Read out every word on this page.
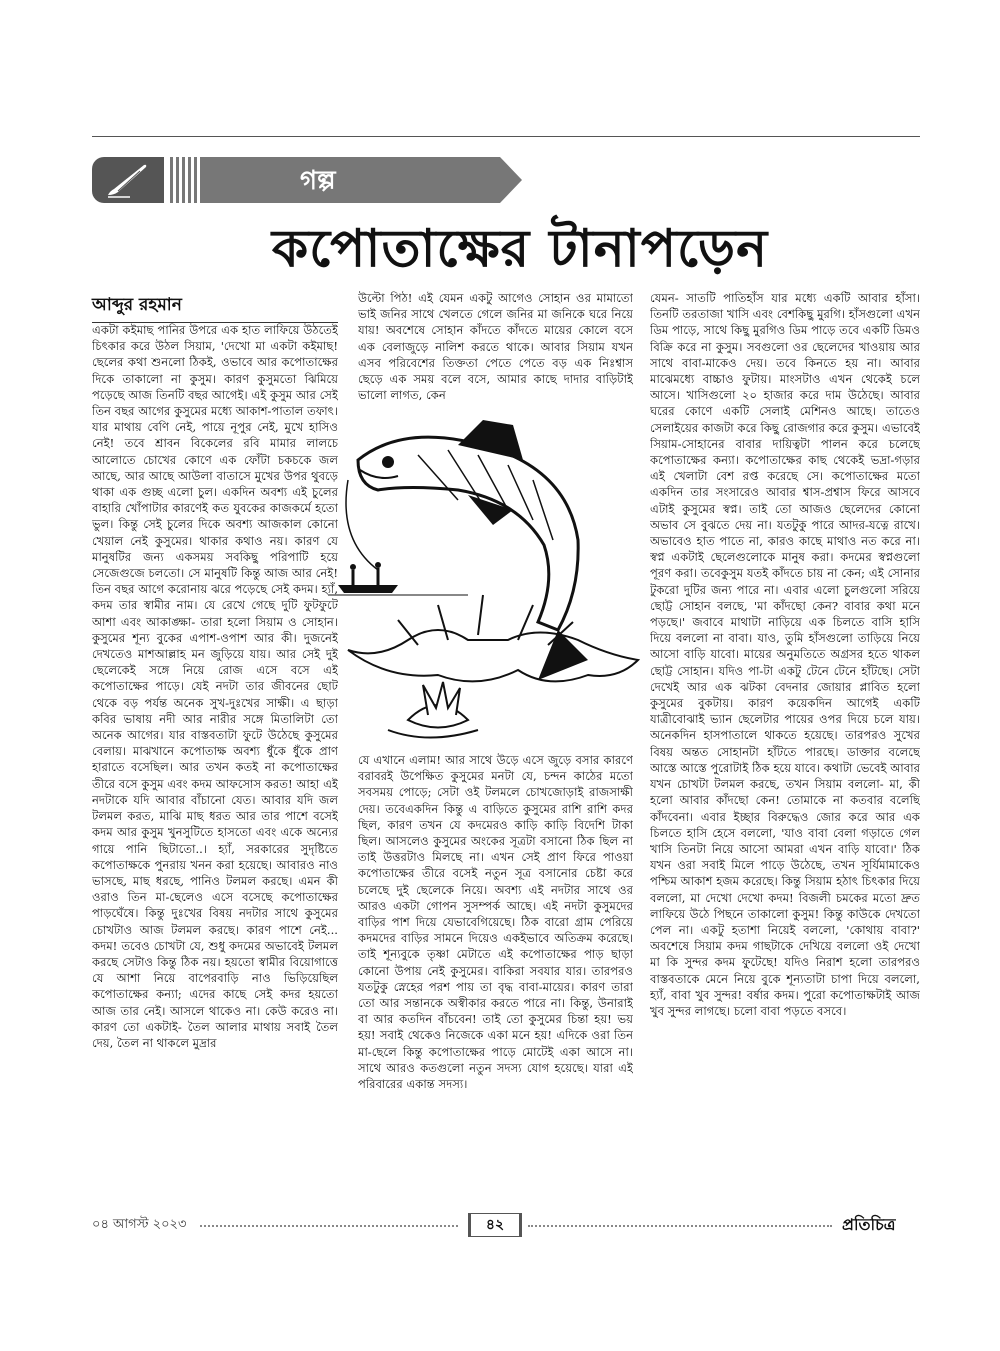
গল্প
কপোতাক্ষের টানাপড়েন
আব্দুর রহমান

একটা কইমাছ পানির উপরে এক হাত লাফিয়ে উঠতেই চিৎকার করে উঠল সিয়াম, 'দেখো মা একটা কইমাছ! ছেলের কথা শুনলো ঠিকই, ওভাবে আর কপোতাক্ষের দিকে তাকালো না কুসুম। কারণ কুসুমতো ঝিমিয়ে পড়েছে আজ তিনটি বছর আগেই। এই কুসুম আর সেই তিন বছর আগের কুসুমের মধ্যে আকাশ-পাতাল তফাৎ। যার মাথায় বেণি নেই, পায়ে নূপুর নেই, মুখে হাসিও নেই! তবে শ্রাবন বিকেলের রবি মামার লালচে আলোতে চোখের কোণে এক ফোঁটা চকচকে জল আছে, আর আছে আউলা বাতাসে মুখের উপর থুবড়ে থাকা এক গুচ্ছ এলো চুল। একদিন অবশ্য এই চুলের বাহারি খোঁপাটার কারণেই কত যুবকের কাজকর্মে হতো ভুল। কিন্তু সেই চুলের দিকে অবশ্য আজকাল কোনো খেয়াল নেই কুসুমের। থাকার কথাও নয়। কারণ যে মানুষটির জন্য একসময় সবকিছু পরিপাটি হয়ে সেজেগুজে চলতো। সে মানুষটি কিন্তু আজ আর নেই! তিন বছর আগে করোনায় ঝরে পড়েছে সেই কদম। হ্যাঁ, কদম তার স্বামীর নাম। যে রেখে গেছে দুটি ফুটফুটে আশা এবং আকাঙ্ক্ষা- তারা হলো সিয়াম ও সোহান। কুসুমের শূন্য বুকের এপাশ-ওপাশ আর কী। দুজনেই দেখতেও মাশআল্লাহ মন জুড়িয়ে যায়। আর সেই দুই ছেলেকেই সঙ্গে নিয়ে রোজ এসে বসে এই কপোতাক্ষের পাড়ে। যেই নদটা তার জীবনের ছোট থেকে বড় পর্যন্ত অনেক সুখ-দুঃখের সাক্ষী। এ ছাড়া কবির ভাষায় নদী আর নারীর সঙ্গে মিতালিটা তো অনেক আগের। যার বাস্তবতাটা ফুটে উঠেছে কুসুমের বেলায়। মাঝখানে কপোতাক্ষ অবশ্য ধুঁকে ধুঁকে প্রাণ হারাতে বসেছিল। আর তখন কতই না কপোতাক্ষের তীরে বসে কুসুম এবং কদম আফসোস করত! আহা এই নদটাকে যদি আবার বাঁচানো যেত। আবার যদি জল টলমল করত, মাঝি মাছ ধরত আর তার পাশে বসেই কদম আর কুসুম খুনসুটিতে হাসতো এবং একে অন্যের গায়ে পানি ছিটাতো..। হ্যাঁ, সরকারের সুদৃষ্টিতে কপোতাক্ষকে পুনরায় খনন করা হয়েছে। আবারও নাও ভাসছে, মাছ ধরছে, পানিও টলমল করছে। এমন কী ওরাও তিন মা-ছেলেও এসে বসেছে কপোতাক্ষের পাড়ঘেঁষে। কিন্তু দুঃখের বিষয় নদটার সাথে কুসুমের চোখটাও আজ টলমল করছে। কারণ পাশে নেই... কদম! তবেও চোখটা যে, শুধু কদমের অভাবেই টলমল করছে সেটাও কিন্তু ঠিক নয়। হয়তো স্বামীর বিয়োগাত্তে যে আশা নিয়ে বাপেরবাড়ি নাও ভিড়িয়েছিল কপোতাক্ষের কন্যা; এদের কাছে সেই কদর হয়তো আজ তার নেই। আসলে থাকেও না। কেউ করেও না। কারণ তো একটাই- তৈল আলার মাথায় সবাই তৈল দেয়, তৈল না থাকলে মুদ্রার

উল্টো পিঠ! এই যেমন একটু আগেও সোহান ওর মামাতো ভাই জনির সাথে খেলতে গেলে জনির মা জনিকে ঘরে নিয়ে যায়! অবশেষে সোহান কাঁদতে কাঁদতে মায়ের কোলে বসে এক বেলাজুড়ে নালিশ করতে থাকে। আবার সিয়াম যখন এসব পরিবেশের তিক্ততা পেতে পেতে বড় এক নিঃশ্বাস ছেড়ে এক সময় বলে বসে, আমার কাছে দাদার বাড়িটাই ভালো লাগত, কেন

যে এখানে এলাম! আর সাথে উড়ে এসে জুড়ে বসার কারণে বরাবরই উপেক্ষিত কুসুমের মনটা যে, চন্দন কাঠের মতো সবসময় পোড়ে; সেটা ওই টলমলে চোখজোড়াই রাজসাক্ষী দেয়। তবেএকদিন কিন্তু এ বাড়িতে কুসুমের রাশি রাশি কদর ছিল, কারণ তখন যে কদমেরও কাড়ি কাড়ি বিদেশি টাকা ছিল। আসলেও কুসুমের অংকের সূত্রটা বসানো ঠিক ছিল না তাই উত্তরটাও মিলছে না। এখন সেই প্রাণ ফিরে পাওয়া কপোতাক্ষের তীরে বসেই নতুন সূত্র বসানোর চেষ্টা করে চলেছে দুই ছেলেকে নিয়ে। অবশ্য এই নদটার সাথে ওর আরও একটা গোপন সুসম্পর্ক আছে। এই নদটা কুসুমদের বাড়ির পাশ দিয়ে যেভাবেগিয়েছে। ঠিক বারো গ্রাম পেরিয়ে কদমদের বাড়ির সামনে দিয়েও একইভাবে অতিক্রম করেছে। তাই শূন্যবুকে তৃষ্ণা মেটাতে এই কপোতাক্ষের পাড় ছাড়া কোনো উপায় নেই কুসুমের। বাকিরা সবযার যার। তারপরও যতটুকু স্নেহের পরশ পায় তা বৃদ্ধ বাবা-মায়ের। কারণ তারা তো আর সন্তানকে অস্বীকার করতে পারে না। কিন্তু, উনারাই বা আর কতদিন বাঁচবেন! তাই তো কুসুমের চিন্তা হয়! ভয় হয়! সবাই থেকেও নিজেকে একা মনে হয়! এদিকে ওরা তিন মা-ছেলে কিন্তু কপোতাক্ষের পাড়ে মোটেই একা আসে না। সাথে আরও কতগুলো নতুন সদস্য যোগ হয়েছে। যারা এই পরিবারের একান্ত সদস্য।

যেমন- সাতটি পাতিহাঁস যার মধ্যে একটি আবার হাঁসা। তিনটি তরতাজা খাসি এবং বেশকিছু মুরগি। হাঁসগুলো এখন ডিম পাড়ে, সাথে কিছু মুরগিও ডিম পাড়ে তবে একটি ডিমও বিক্রি করে না কুসুম। সবগুলো ওর ছেলেদের খাওয়ায় আর সাথে বাবা-মাকেও দেয়। তবে কিনতে হয় না। আবার মাঝেমধ্যে বাচ্চাও ফুটায়। মাংসটাও এখন থেকেই চলে আসে। খাসিগুলো ২০ হাজার করে দাম উঠেছে। আবার ঘরের কোণে একটি সেলাই মেশিনও আছে। তাতেও সেলাইয়ের কাজটা করে কিছু রোজগার করে কুসুম। এভাবেই সিয়াম-সোহানের বাবার দায়িত্বটা পালন করে চলেছে কপোতাক্ষের কন্যা। কপোতাক্ষের কাছ থেকেই ভদ্রা-গড়ার এই খেলাটা বেশ রপ্ত করেছে সে। কপোতাক্ষের মতো একদিন তার সংসারেও আবার শ্বাস-প্রশ্বাস ফিরে আসবে এটাই কুসুমের স্বপ্ন। তাই তো আজও ছেলেদের কোনো অভাব সে বুঝতে দেয় না। যতটুকু পারে আদর-যত্নে রাখে। অভাবেও হাত পাতে না, কারও কাছে মাথাও নত করে না। স্বপ্ন একটাই ছেলেগুলোকে মানুষ করা। কদমের স্বপ্নগুলো পূরণ করা। তবেকুসুম যতই কাঁদতে চায় না কেন; এই সোনার টুকরো দুটির জন্য পারে না। এবার এলো চুলগুলো সরিয়ে ছোট্ট সোহান বলছে, 'মা কাঁদছো কেন? বাবার কথা মনে পড়ছে।' জবাবে মাথাটা নাড়িয়ে এক চিলতে বাসি হাসি দিয়ে বললো না বাবা। যাও, তুমি হাঁসগুলো তাড়িয়ে নিয়ে আসো বাড়ি যাবো। মায়ের অনুমতিতে অগ্রসর হতে থাকল ছোট্ট সোহান। যদিও পা-টা একটু টেনে টেনে হাঁটছে। সেটা দেখেই আর এক ঝটকা বেদনার জোয়ার প্লাবিত হলো কুসুমের বুকটায়। কারণ কয়েকদিন আগেই একটি যাত্রীবোঝাই ভ্যান ছেলেটার পায়ের ওপর দিয়ে চলে যায়। অনেকদিন হাসপাতালে থাকতে হয়েছে। তারপরও সুখের বিষয় অন্তত সোহানটা হাঁটতে পারছে। ডাক্তার বলেছে আস্তে আস্তে পুরোটাই ঠিক হয়ে যাবে। কথাটা ভেবেই আবার যখন চোখটা টলমল করছে, তখন সিয়াম বললো- মা, কী হলো আবার কাঁদছো কেন! তোমাকে না কতবার বলেছি কাঁদবেনা। এবার ইচ্ছার বিরুদ্ধেও জোর করে আর এক চিলতে হাসি হেসে বললো, 'যাও বাবা বেলা গড়াতে গেল খাসি তিনটা নিয়ে আসো আমরা এখন বাড়ি যাবো।' ঠিক যখন ওরা সবাই মিলে পাড়ে উঠেছে, তখন সূর্যিমামাকেও পশ্চিম আকাশ হজম করেছে। কিন্তু সিয়াম হঠাৎ চিৎকার দিয়ে বললো, মা দেখো দেখো কদম! বিজলী চমকের মতো দ্রুত লাফিয়ে উঠে পিছনে তাকালো কুসুম! কিন্তু কাউকে দেখতো পেল না। একটু হতাশা নিয়েই বললো, 'কোথায় বাবা?' অবশেষে সিয়াম কদম গাছটাকে দেখিয়ে বললো ওই দেখো মা কি সুন্দর কদম ফুটেছে! যদিও নিরাশ হলো তারপরও বাস্তবতাকে মেনে নিয়ে বুকে শূন্যতাটা চাপা দিয়ে বললো, হ্যাঁ, বাবা খুব সুন্দর! বর্ষার কদম। পুরো কপোতাক্ষটাই আজ খুব সুন্দর লাগছে। চলো বাবা পড়তে বসবে।

০৪ আগস্ট ২০২৩	৪২	প্রতিচিত্র
